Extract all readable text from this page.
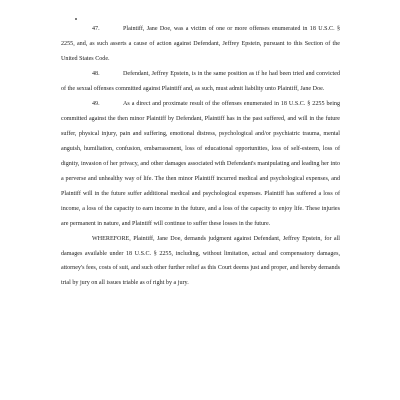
47.	Plaintiff, Jane Doe, was a victim of one or more offenses enumerated in 18 U.S.C. § 2255, and, as such asserts a cause of action against Defendant, Jeffrey Epstein, pursuant to this Section of the United States Code.

48.	Defendant, Jeffrey Epstein, is in the same position as if he had been tried and convicted of the sexual offenses committed against Plaintiff and, as such, must admit liability unto Plaintiff, Jane Doe.

49.	As a direct and proximate result of the offenses enumerated in 18 U.S.C. § 2255 being committed against the then minor Plaintiff by Defendant, Plaintiff has in the past suffered, and will in the future suffer, physical injury, pain and suffering, emotional distress, psychological and/or psychiatric trauma, mental anguish, humiliation, confusion, embarrassment, loss of educational opportunities, loss of self-esteem, loss of dignity, invasion of her privacy, and other damages associated with Defendant's manipulating and leading her into a perverse and unhealthy way of life. The then minor Plaintiff incurred medical and psychological expenses, and Plaintiff will in the future suffer additional medical and psychological expenses. Plaintiff has suffered a loss of income, a loss of the capacity to earn income in the future, and a loss of the capacity to enjoy life. These injuries are permanent in nature, and Plaintiff will continue to suffer these losses in the future.

WHEREFORE, Plaintiff, Jane Doe, demands judgment against Defendant, Jeffrey Epstein, for all damages available under 18 U.S.C. § 2255, including, without limitation, actual and compensatory damages, attorney's fees, costs of suit, and such other further relief as this Court deems just and proper, and hereby demands trial by jury on all issues triable as of right by a jury.
